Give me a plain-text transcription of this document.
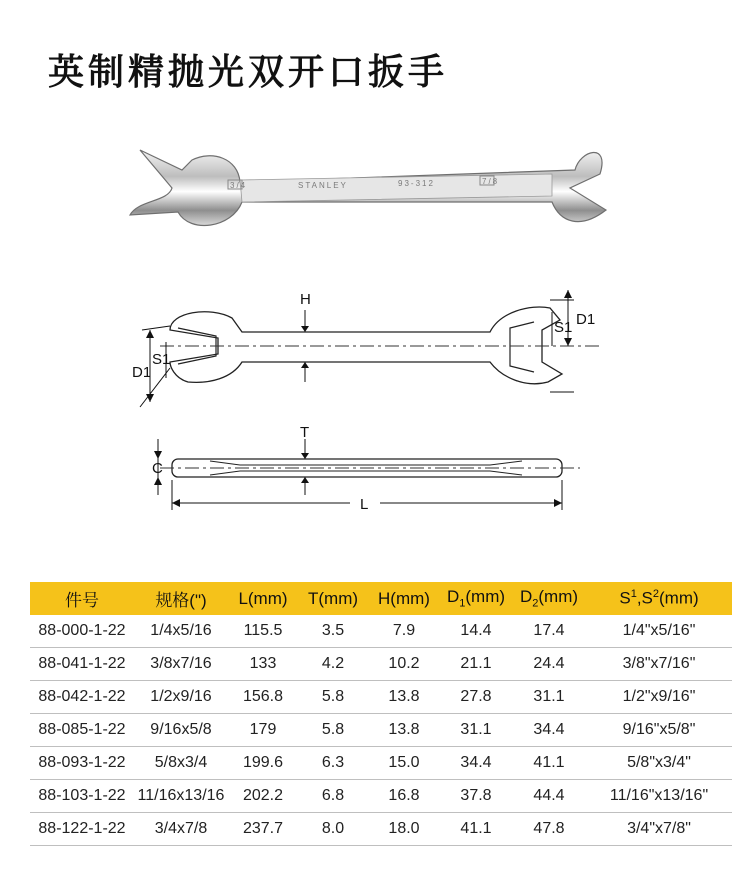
英制精抛光双开口扳手
3/4	STANLEY	93-312	7/8
H
S1
D1
S1 D1
T
C
L
件号	规格(")	L(mm)	T(mm)	H(mm)	$D_1(mm)$	$D_2(mm)$	$S^1,S^2(mm)$
88-000-1-22	1/4x5/16	115.5	3.5	7.9	14.4	17.4	1/4"x5/16"
88-041-1-22	3/8x7/16	133	4.2	10.2	21.1	24.4	3/8"x7/16"
88-042-1-22	1/2x9/16	156.8	5.8	13.8	27.8	31.1	1/2"x9/16"
88-085-1-22	9/16x5/8	179	5.8	13.8	31.1	34.4	9/16"x5/8"
88-093-1-22	5/8x3/4	199.6	6.3	15.0	34.4	41.1	5/8"x3/4"
88-103-1-22	11/16x13/16	202.2	6.8	16.8	37.8	44.4	11/16"x13/16"
88-122-1-22	3/4x7/8	237.7	8.0	18.0	41.1	47.8	3/4"x7/8"
